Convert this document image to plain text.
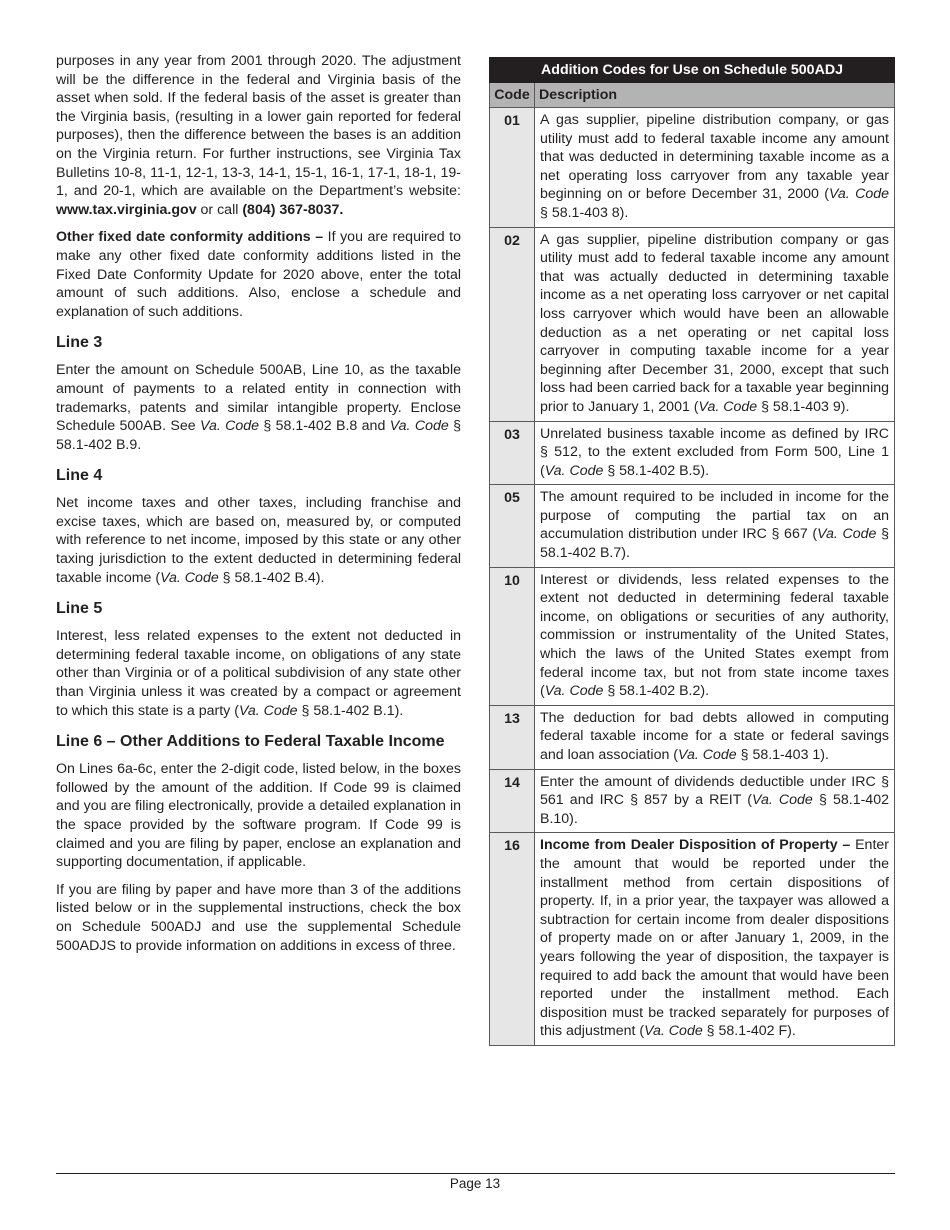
purposes in any year from 2001 through 2020. The adjustment will be the difference in the federal and Virginia basis of the asset when sold. If the federal basis of the asset is greater than the Virginia basis, (resulting in a lower gain reported for federal purposes), then the difference between the bases is an addition on the Virginia return. For further instructions, see Virginia Tax Bulletins 10-8, 11-1, 12-1, 13-3, 14-1, 15-1, 16-1, 17-1, 18-1, 19-1, and 20-1, which are available on the Department’s website: www.tax.virginia.gov or call (804) 367-8037.

Other fixed date conformity additions – If you are required to make any other fixed date conformity additions listed in the Fixed Date Conformity Update for 2020 above, enter the total amount of such additions. Also, enclose a schedule and explanation of such additions.

Line 3

Enter the amount on Schedule 500AB, Line 10, as the taxable amount of payments to a related entity in connection with trademarks, patents and similar intangible property. Enclose Schedule 500AB. See Va. Code § 58.1-402 B.8 and Va. Code § 58.1-402 B.9.

Line 4

Net income taxes and other taxes, including franchise and excise taxes, which are based on, measured by, or computed with reference to net income, imposed by this state or any other taxing jurisdiction to the extent deducted in determining federal taxable income (Va. Code § 58.1-402 B.4).

Line 5

Interest, less related expenses to the extent not deducted in determining federal taxable income, on obligations of any state other than Virginia or of a political subdivision of any state other than Virginia unless it was created by a compact or agreement to which this state is a party (Va. Code § 58.1-402 B.1).

Line 6 – Other Additions to Federal Taxable Income

On Lines 6a-6c, enter the 2-digit code, listed below, in the boxes followed by the amount of the addition. If Code 99 is claimed and you are filing electronically, provide a detailed explanation in the space provided by the software program. If Code 99 is claimed and you are filing by paper, enclose an explanation and supporting documentation, if applicable.

If you are filing by paper and have more than 3 of the additions listed below or in the supplemental instructions, check the box on Schedule 500ADJ and use the supplemental Schedule 500ADJS to provide information on additions in excess of three.

Addition Codes for Use on Schedule 500ADJ	
Code	Description
01	A gas supplier, pipeline distribution company, or gas utility must add to federal taxable income any amount that was deducted in determining taxable income as a net operating loss carryover from any taxable year beginning on or before December 31, 2000 (Va. Code § 58.1-403 8).
02	A gas supplier, pipeline distribution company or gas utility must add to federal taxable income any amount that was actually deducted in determining taxable income as a net operating loss carryover or net capital loss carryover which would have been an allowable deduction as a net operating or net capital loss carryover in computing taxable income for a year beginning after December 31, 2000, except that such loss had been carried back for a taxable year beginning prior to January 1, 2001 (Va. Code § 58.1-403 9).
03	Unrelated business taxable income as defined by IRC § 512, to the extent excluded from Form 500, Line 1 (Va. Code § 58.1-402 B.5).
05	The amount required to be included in income for the purpose of computing the partial tax on an accumulation distribution under IRC § 667 (Va. Code § 58.1-402 B.7).
10	Interest or dividends, less related expenses to the extent not deducted in determining federal taxable income, on obligations or securities of any authority, commission or instrumentality of the United States, which the laws of the United States exempt from federal income tax, but not from state income taxes (Va. Code § 58.1-402 B.2).
13	The deduction for bad debts allowed in computing federal taxable income for a state or federal savings and loan association (Va. Code § 58.1-403 1).
14	Enter the amount of dividends deductible under IRC § 561 and IRC § 857 by a REIT (Va. Code § 58.1-402 B.10).
16	Income from Dealer Disposition of Property – Enter the amount that would be reported under the installment method from certain dispositions of property. If, in a prior year, the taxpayer was allowed a subtraction for certain income from dealer dispositions of property made on or after January 1, 2009, in the years following the year of disposition, the taxpayer is required to add back the amount that would have been reported under the installment method. Each disposition must be tracked separately for purposes of this adjustment (Va. Code § 58.1-402 F).
Page 13
